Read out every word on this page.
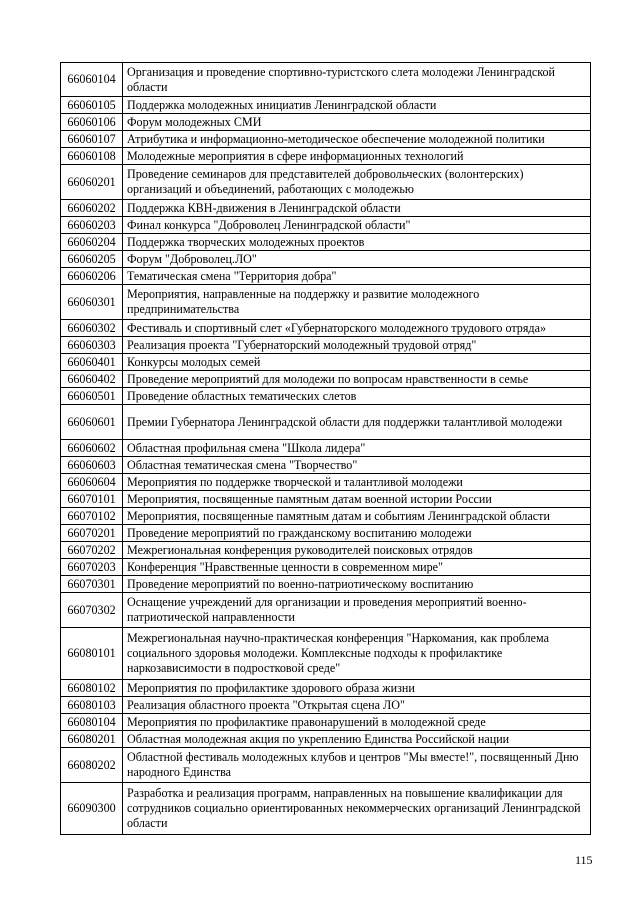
66060104	Организация и проведение спортивно-туристского слета молодежи Ленинградской области
66060105	Поддержка молодежных инициатив Ленинградской области
66060106	Форум молодежных СМИ
66060107	Атрибутика и информационно-методическое обеспечение молодежной политики
66060108	Молодежные мероприятия в сфере информационных технологий
66060201	Проведение семинаров для представителей добровольческих (волонтерских) организаций и объединений, работающих с молодежью
66060202	Поддержка КВН-движения в Ленинградской области
66060203	Финал конкурса "Доброволец Ленинградской области"
66060204	Поддержка творческих молодежных проектов
66060205	Форум "Доброволец.ЛО"
66060206	Тематическая смена "Территория добра"
66060301	Мероприятия, направленные на поддержку и развитие молодежного предпринимательства
66060302	Фестиваль и спортивный слет «Губернаторского молодежного трудового отряда»
66060303	Реализация проекта "Губернаторский молодежный трудовой отряд"
66060401	Конкурсы молодых семей
66060402	Проведение мероприятий для молодежи по вопросам нравственности в семье
66060501	Проведение областных тематических слетов
66060601	Премии Губернатора Ленинградской области для поддержки талантливой молодежи
66060602	Областная профильная смена "Школа лидера"
66060603	Областная тематическая смена "Творчество"
66060604	Мероприятия по поддержке творческой и талантливой молодежи
66070101	Мероприятия, посвященные памятным датам военной истории России
66070102	Мероприятия, посвященные памятным датам и событиям Ленинградской области
66070201	Проведение мероприятий по гражданскому воспитанию молодежи
66070202	Межрегиональная конференция руководителей поисковых отрядов
66070203	Конференция "Нравственные ценности в современном мире"
66070301	Проведение мероприятий по военно-патриотическому воспитанию
66070302	Оснащение учреждений для организации и проведения мероприятий военно-патриотической направленности
66080101	Межрегиональная научно-практическая конференция "Наркомания, как проблема социального здоровья молодежи. Комплексные подходы к профилактике наркозависимости в подростковой среде"
66080102	Мероприятия по профилактике здорового образа жизни
66080103	Реализация областного проекта "Открытая сцена ЛО"
66080104	Мероприятия по профилактике правонарушений в молодежной среде
66080201	Областная молодежная акция по укреплению Единства Российской нации
66080202	Областной фестиваль молодежных клубов и центров "Мы вместе!", посвященный Дню народного Единства
66090300	Разработка и реализация программ, направленных на повышение квалификации для сотрудников социально ориентированных некоммерческих организаций Ленинградской области
115
